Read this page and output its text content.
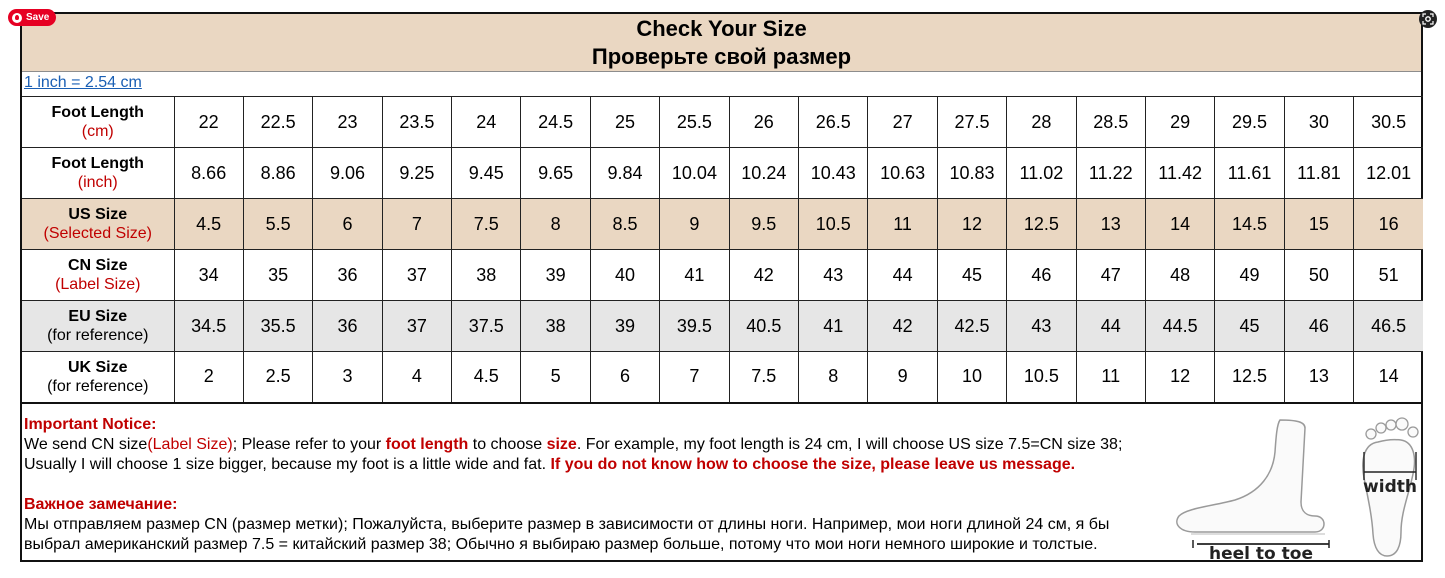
Save	Check Your Size
Проверьте свой размер
1 inch = 2.54 cm
Foot Length
(cm)	22	22.5	23	23.5	24	24.5	25	25.5	26	26.5	27	27.5	28	28.5	29	29.5	30	30.5

Foot Length
(inch)	8.66	8.86	9.06	9.25	9.45	9.65	9.84	10.04	10.24	10.43	10.63	10.83	11.02	11.22	11.42	11.61	11.81	12.01

US Size
(Selected Size)	4.5	5.5	6	7	7.5	8	8.5	9	9.5	10.5	11	12	12.5	13	14	14.5	15	16

CN Size
(Label Size)	34	35	36	37	38	39	40	41	42	43	44	45	46	47	48	49	50	51

EU Size
(for reference)	34.5	35.5	36	37	37.5	38	39	39.5	40.5	41	42	42.5	43	44	44.5	45	46	46.5

UK Size
(for reference)	2	2.5	3	4	4.5	5	6	7	7.5	8	9	10	10.5	11	12	12.5	13	14

Important Notice:

We send CN size(Label Size); Please refer to your foot length to choose size. For example, my foot length is 24 cm, I will choose US size 7.5=CN size 38; Usually I will choose 1 size bigger, because my foot is a little wide and fat. If you do not know how to choose the size, please leave us message.

Важное замечание:

Мы отправляем размер CN (размер метки); Пожалуйста, выберите размер в зависимости от длины ноги. Например, мои ноги длиной 24 см, я бы выбрал американский размер 7.5 = китайский размер 38; Обычно я выбираю размер больше, потому что мои ноги немного широкие и толстые.	heel to toe
width
